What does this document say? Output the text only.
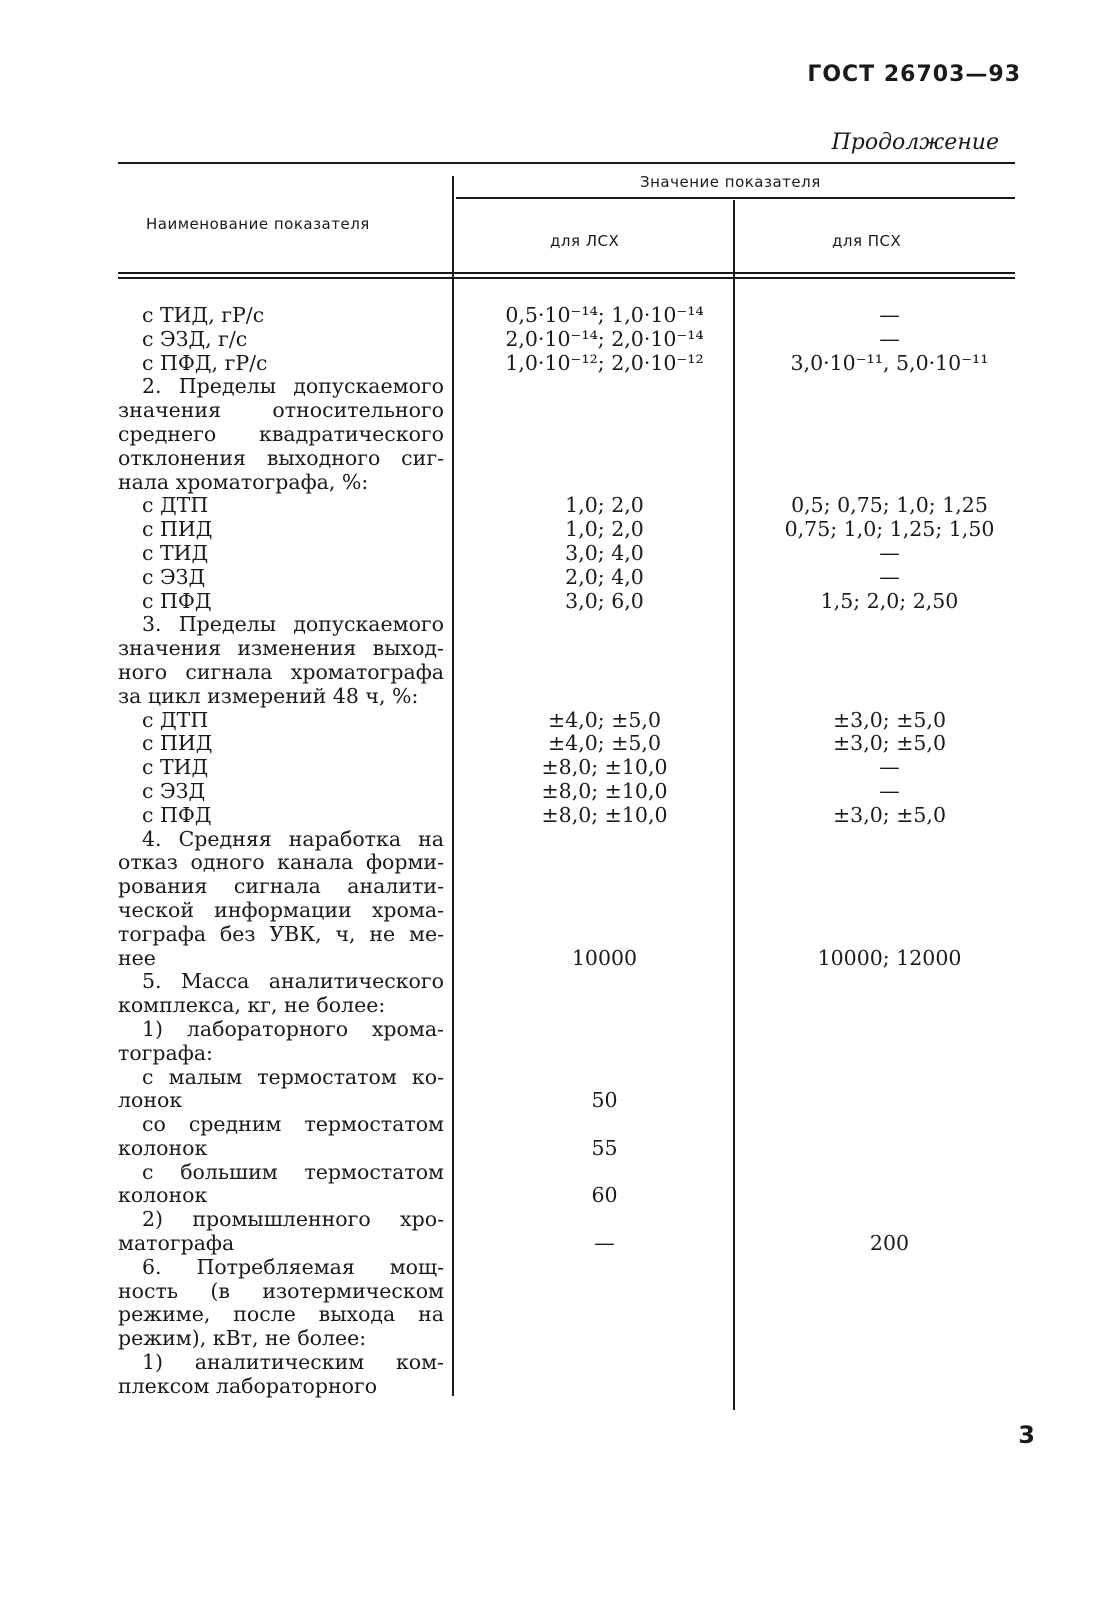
ГОСТ 26703—93
Продолжение
Наименование показателя
Значение показателя
для ЛСХ	для ПСХ
с ТИД, гР/с	0,5·10⁻¹⁴; 1,0·10⁻¹⁴	—
с ЭЗД, г/с	2,0·10⁻¹⁴; 2,0·10⁻¹⁴	—
с ПФД, гР/с	1,0·10⁻¹²; 2,0·10⁻¹²	3,0·10⁻¹¹, 5,0·10⁻¹¹
2. Пределы допускаемого
значения относительного
среднего квадратического
отклонения выходного сиг-
нала хроматографа, %:
с ДТП	1,0; 2,0	0,5; 0,75; 1,0; 1,25
с ПИД	1,0; 2,0	0,75; 1,0; 1,25; 1,50
с ТИД	3,0; 4,0	—
с ЭЗД	2,0; 4,0	—
с ПФД	3,0; 6,0	1,5; 2,0; 2,50
3. Пределы допускаемого
значения изменения выход-
ного сигнала хроматографа
за цикл измерений 48 ч, %:
с ДТП	±4,0; ±5,0	±3,0; ±5,0
с ПИД	±4,0; ±5,0	±3,0; ±5,0
с ТИД	±8,0; ±10,0	—
с ЭЗД	±8,0; ±10,0	—
с ПФД	±8,0; ±10,0	±3,0; ±5,0
4. Средняя наработка на
отказ одного канала форми-
рования сигнала аналити-
ческой информации хрома-
тографа без УВК, ч, не ме-
нее	10000	10000; 12000
5. Масса аналитического
комплекса, кг, не более:
1) лабораторного хрома-
тографа:
с малым термостатом ко-
лонок	50
со средним термостатом
колонок	55
с большим термостатом
колонок	60
2) промышленного хро-
матографа	—	200
6. Потребляемая мощ-
ность (в изотермическом
режиме, после выхода на
режим), кВт, не более:
1) аналитическим ком-
плексом лабораторного
3
